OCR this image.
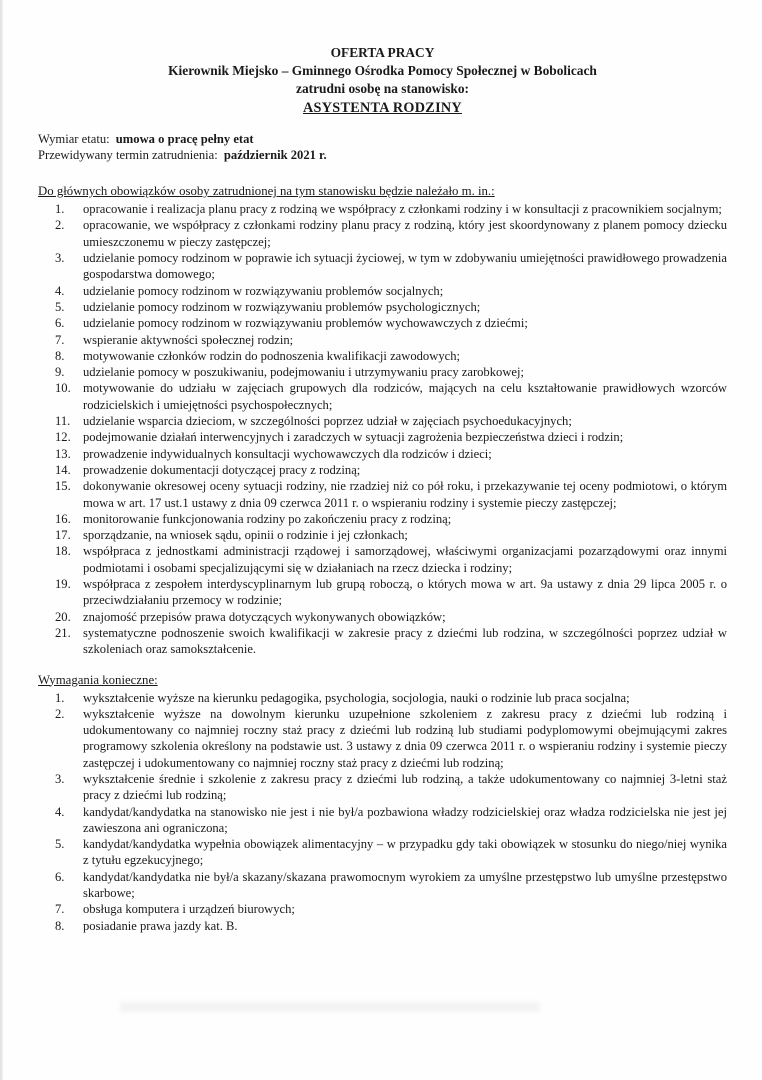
OFERTA PRACY
Kierownik Miejsko – Gminnego Ośrodka Pomocy Społecznej w Bobolicach
zatrudni osobę na stanowisko:
ASYSTENTA RODZINY
Wymiar etatu: umowa o pracę pełny etat
Przewidywany termin zatrudnienia: październik 2021 r.

Do głównych obowiązków osoby zatrudnionej na tym stanowisku będzie należało m. in.:

opracowanie i realizacja planu pracy z rodziną we współpracy z członkami rodziny i w konsultacji z pracownikiem socjalnym;
opracowanie, we współpracy z członkami rodziny planu pracy z rodziną, który jest skoordynowany z planem pomocy dziecku umieszczonemu w pieczy zastępczej;
udzielanie pomocy rodzinom w poprawie ich sytuacji życiowej, w tym w zdobywaniu umiejętności prawidłowego prowadzenia gospodarstwa domowego;
udzielanie pomocy rodzinom w rozwiązywaniu problemów socjalnych;
udzielanie pomocy rodzinom w rozwiązywaniu problemów psychologicznych;
udzielanie pomocy rodzinom w rozwiązywaniu problemów wychowawczych z dziećmi;
wspieranie aktywności społecznej rodzin;
motywowanie członków rodzin do podnoszenia kwalifikacji zawodowych;
udzielanie pomocy w poszukiwaniu, podejmowaniu i utrzymywaniu pracy zarobkowej;
motywowanie do udziału w zajęciach grupowych dla rodziców, mających na celu kształtowanie prawidłowych wzorców rodzicielskich i umiejętności psychospołecznych;
udzielanie wsparcia dzieciom, w szczególności poprzez udział w zajęciach psychoedukacyjnych;
podejmowanie działań interwencyjnych i zaradczych w sytuacji zagrożenia bezpieczeństwa dzieci i rodzin;
prowadzenie indywidualnych konsultacji wychowawczych dla rodziców i dzieci;
prowadzenie dokumentacji dotyczącej pracy z rodziną;
dokonywanie okresowej oceny sytuacji rodziny, nie rzadziej niż co pół roku, i przekazywanie tej oceny podmiotowi, o którym mowa w art. 17 ust.1 ustawy z dnia 09 czerwca 2011 r. o wspieraniu rodziny i systemie pieczy zastępczej;
monitorowanie funkcjonowania rodziny po zakończeniu pracy z rodziną;
sporządzanie, na wniosek sądu, opinii o rodzinie i jej członkach;
współpraca z jednostkami administracji rządowej i samorządowej, właściwymi organizacjami pozarządowymi oraz innymi podmiotami i osobami specjalizującymi się w działaniach na rzecz dziecka i rodziny;
współpraca z zespołem interdyscyplinarnym lub grupą roboczą, o których mowa w art. 9a ustawy z dnia 29 lipca 2005 r. o przeciwdziałaniu przemocy w rodzinie;
znajomość przepisów prawa dotyczących wykonywanych obowiązków;
systematyczne podnoszenie swoich kwalifikacji w zakresie pracy z dziećmi lub rodzina, w szczególności poprzez udział w szkoleniach oraz samokształcenie.

Wymagania konieczne:

wykształcenie wyższe na kierunku pedagogika, psychologia, socjologia, nauki o rodzinie lub praca socjalna;
wykształcenie wyższe na dowolnym kierunku uzupełnione szkoleniem z zakresu pracy z dziećmi lub rodziną i udokumentowany co najmniej roczny staż pracy z dziećmi lub rodziną lub studiami podyplomowymi obejmującymi zakres programowy szkolenia określony na podstawie ust. 3 ustawy z dnia 09 czerwca 2011 r. o wspieraniu rodziny i systemie pieczy zastępczej i udokumentowany co najmniej roczny staż pracy z dziećmi lub rodziną;
wykształcenie średnie i szkolenie z zakresu pracy z dziećmi lub rodziną, a także udokumentowany co najmniej 3-letni staż pracy z dziećmi lub rodziną;
kandydat/kandydatka na stanowisko nie jest i nie był/a pozbawiona władzy rodzicielskiej oraz władza rodzicielska nie jest jej zawieszona ani ograniczona;
kandydat/kandydatka wypełnia obowiązek alimentacyjny – w przypadku gdy taki obowiązek w stosunku do niego/niej wynika z tytułu egzekucyjnego;
kandydat/kandydatka nie był/a skazany/skazana prawomocnym wyrokiem za umyślne przestępstwo lub umyślne przestępstwo skarbowe;
obsługa komputera i urządzeń biurowych;
posiadanie prawa jazdy kat. B.
